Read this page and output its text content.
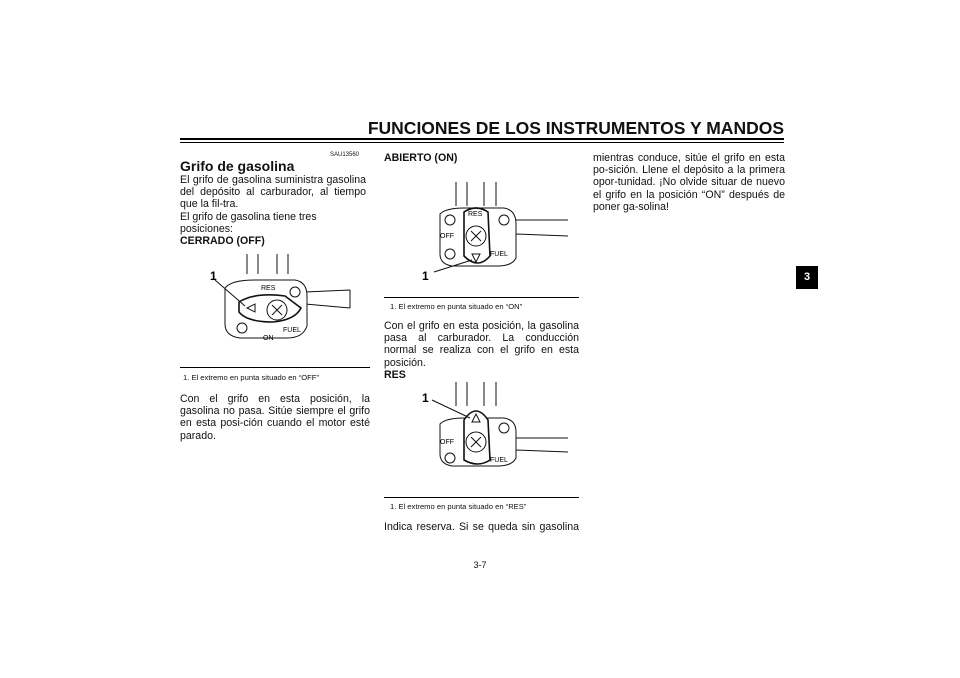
FUNCIONES DE LOS INSTRUMENTOS Y MANDOS
3
SAU13560
Grifo de gasolina

El grifo de gasolina suministra gasolina del depósito al carburador, al tiempo que la fil-tra.

El grifo de gasolina tiene tres posiciones:

CERRADO (OFF)

1
RES
FUEL
ON
1. El extremo en punta situado en “OFF”

Con el grifo en esta posición, la gasolina no pasa. Sitúe siempre el grifo en esta posi-ción cuando el motor esté parado.

ABIERTO (ON)

RES
OFF
FUEL
1
1. El extremo en punta situado en “ON”

Con el grifo en esta posición, la gasolina pasa al carburador. La conducción normal se realiza con el grifo en esta posición.

RES

1
OFF
FUEL
1. El extremo en punta situado en “RES”

Indica reserva. Si se queda sin gasolina

mientras conduce, sitúe el grifo en esta po-sición. Llene el depósito a la primera opor-tunidad. ¡No olvide situar de nuevo el grifo en la posición “ON” después de poner ga-solina!

3-7
